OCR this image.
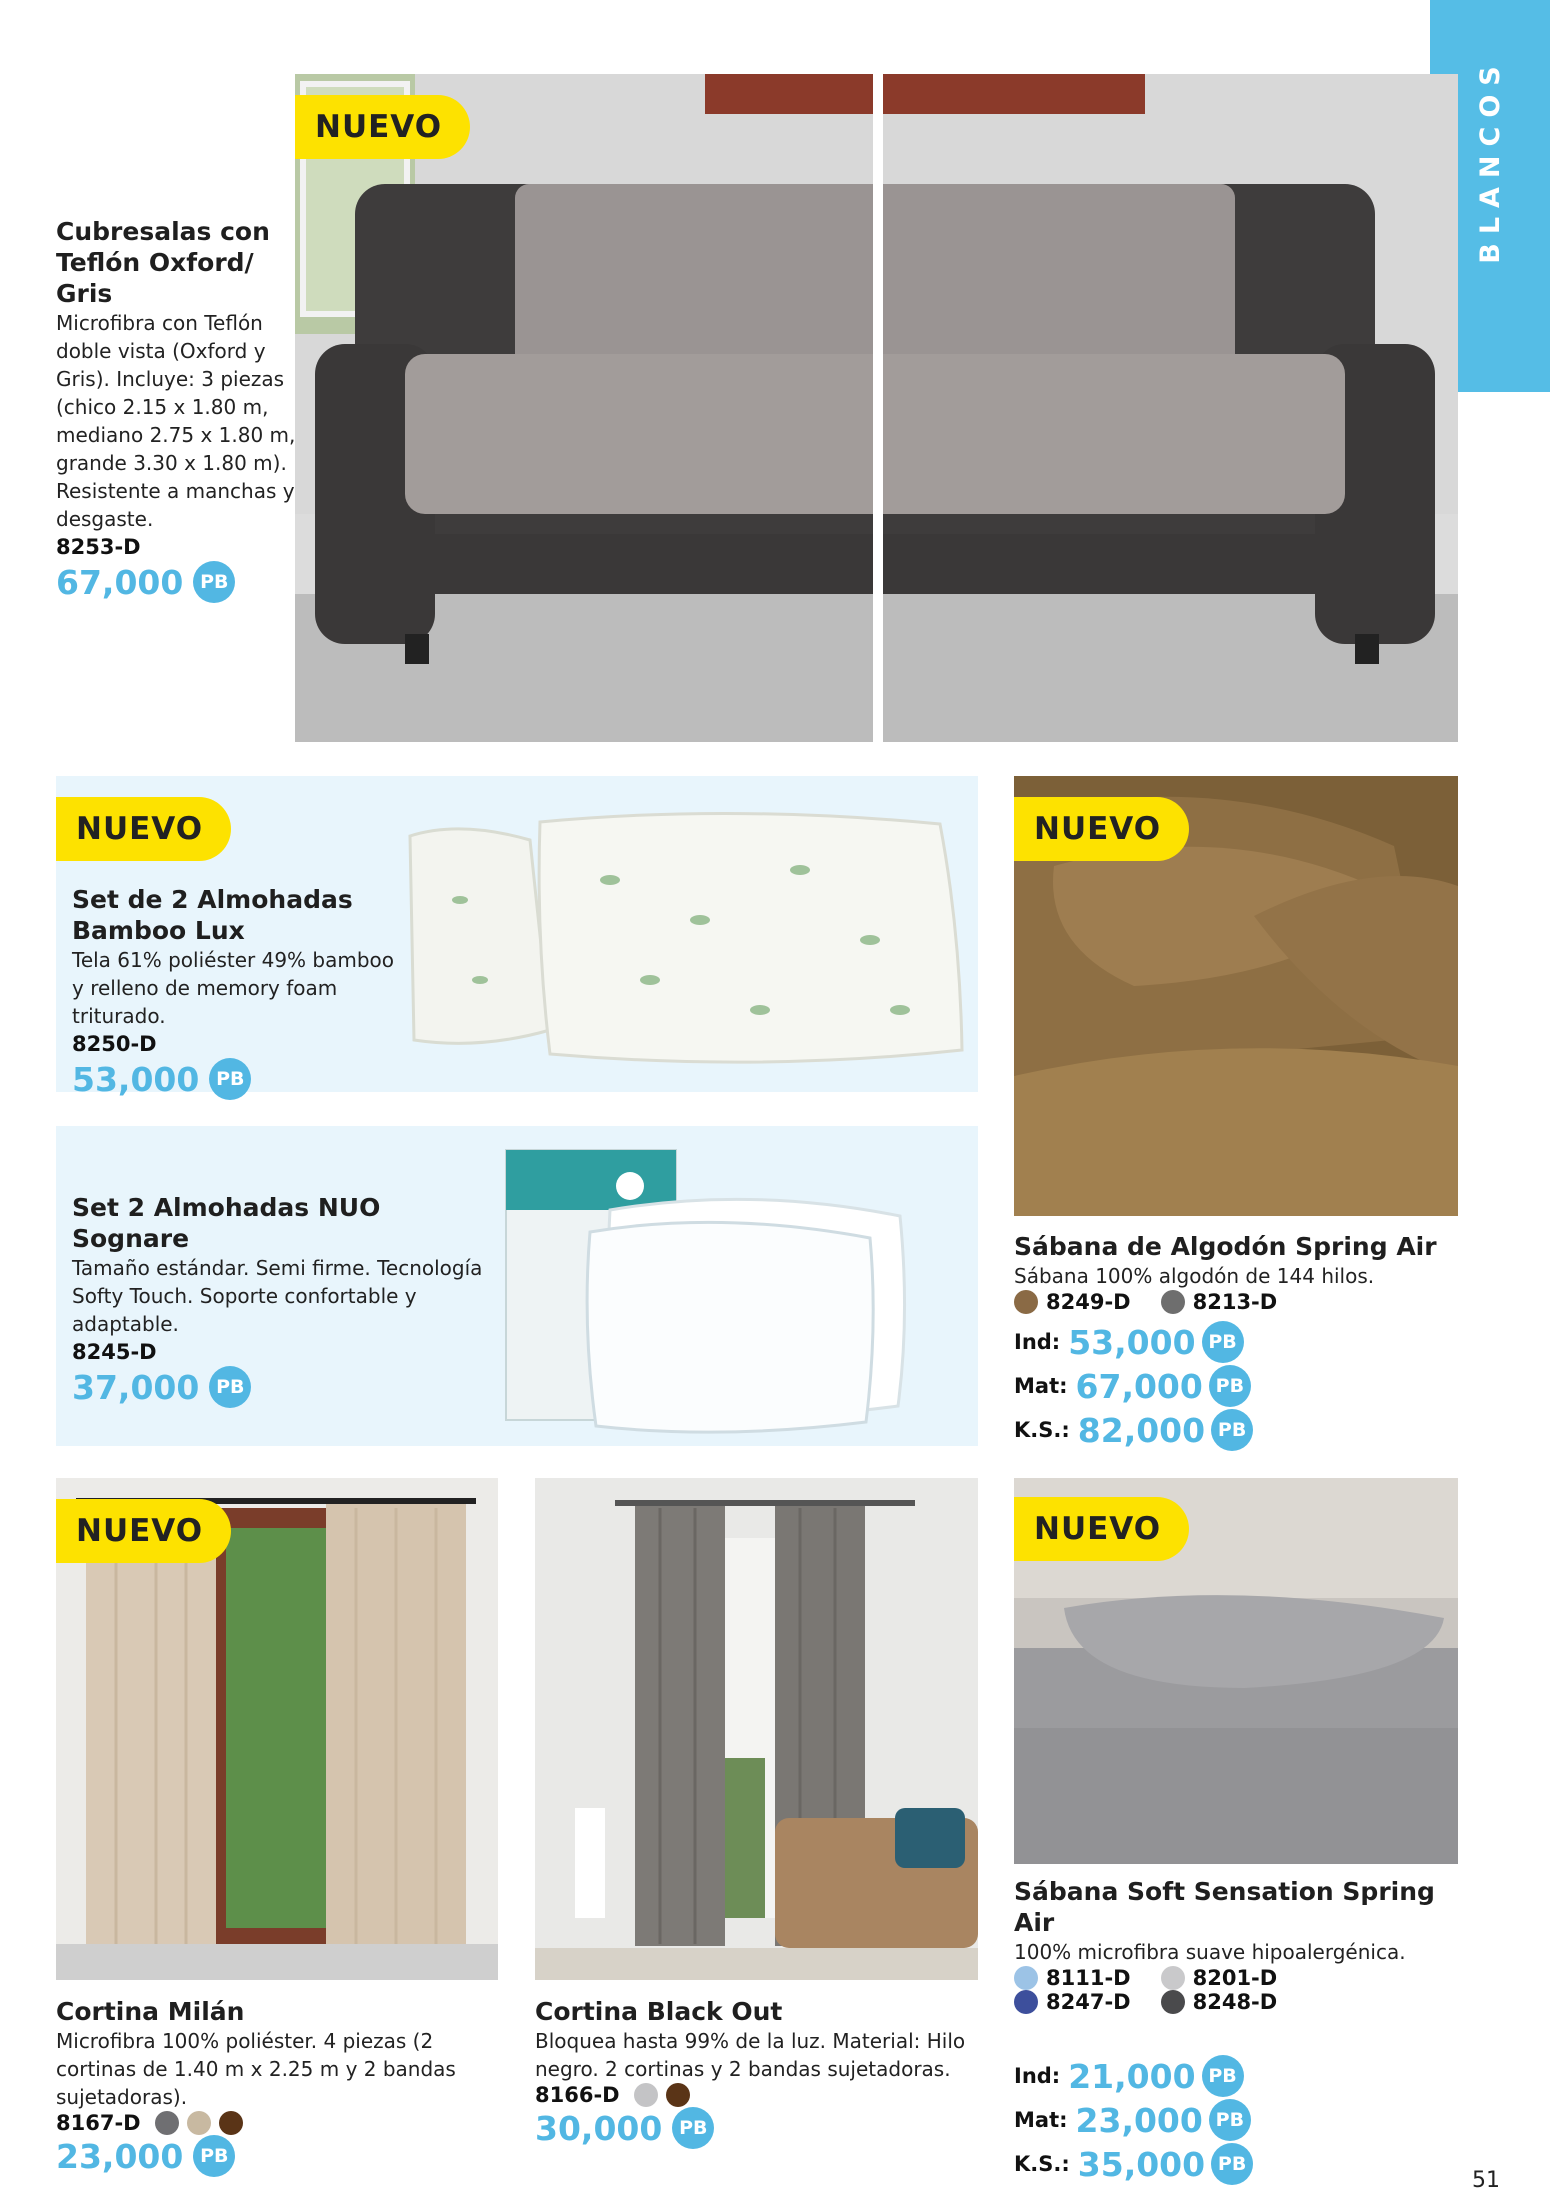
BLANCOS
NUEVO
Cubresalas con Teflón Oxford/ Gris
Microfibra con Teflón doble vista (Oxford y Gris). Incluye: 3 piezas (chico 2.15 x 1.80 m, mediano 2.75 x 1.80 m, grande 3.30 x 1.80 m). Resistente a manchas y desgaste.
8253-D
67,000 PB
NUEVO
Set de 2 Almohadas Bamboo Lux
Tela 61% poliéster 49% bamboo y relleno de memory foam triturado.
8250-D
53,000 PB
Set 2 Almohadas NUO Sognare
Tamaño estándar. Semi firme. Tecnología Softy Touch. Soporte confortable y adaptable.
8245-D
37,000 PB
NUEVO
Sábana de Algodón Spring Air
Sábana 100% algodón de 144 hilos.
8249-D	8213-D
Ind: 53,000 PB
Mat: 67,000 PB
K.S.: 82,000 PB
NUEVO
Cortina Milán
Microfibra 100% poliéster. 4 piezas (2 cortinas de 1.40 m x 2.25 m y 2 bandas sujetadoras).
8167-D
23,000 PB
Cortina Black Out
Bloquea hasta 99% de la luz. Material: Hilo negro. 2 cortinas y 2 bandas sujetadoras.
8166-D
30,000 PB
NUEVO
Sábana Soft Sensation Spring Air
100% microfibra suave hipoalergénica.
8111-D	8201-D
8247-D	8248-D
Ind: 21,000 PB
Mat: 23,000 PB
K.S.: 35,000 PB
51
